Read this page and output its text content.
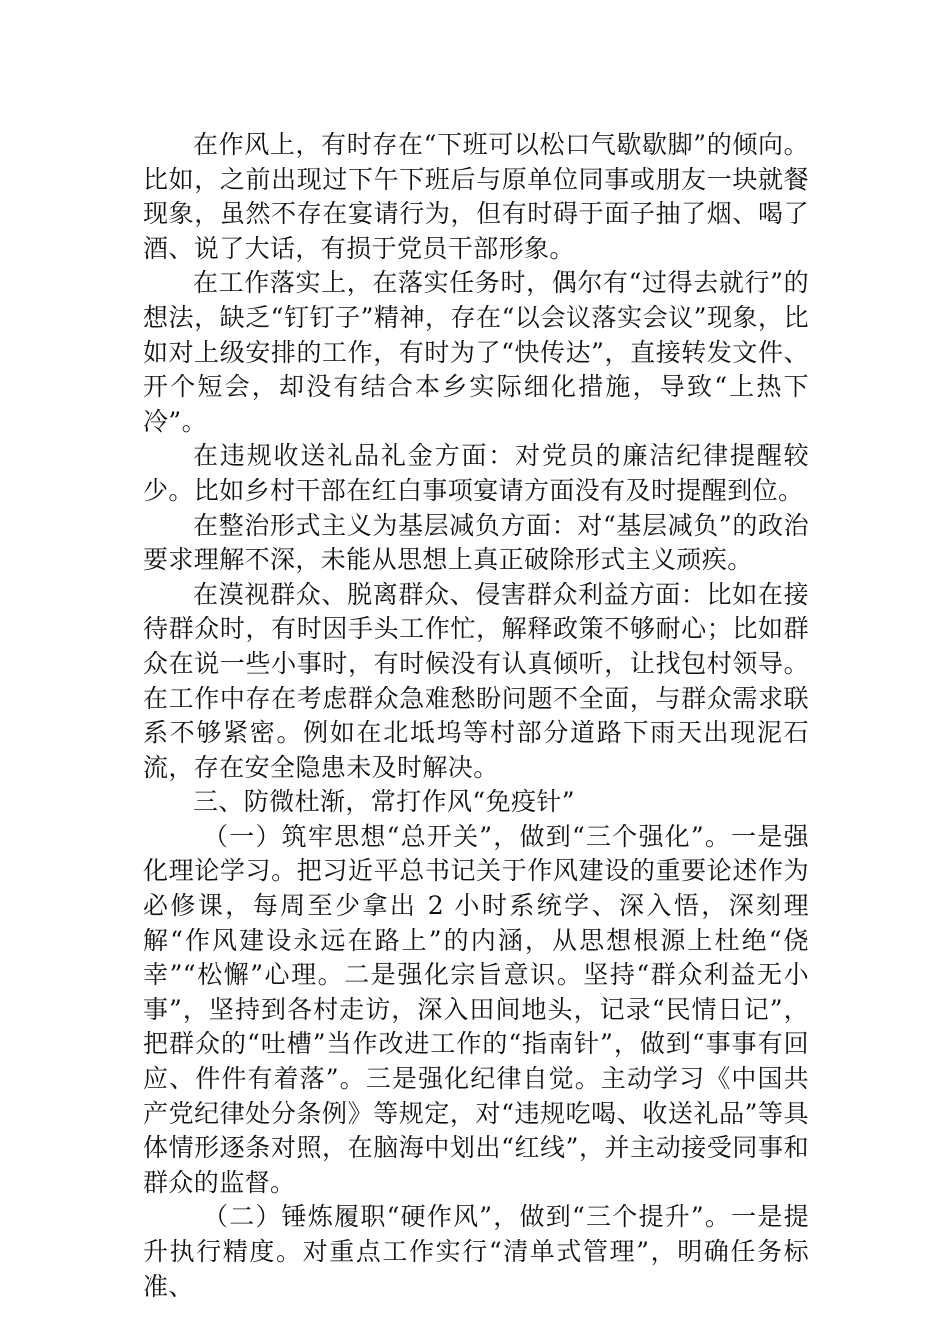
在作风上，有时存在“下班可以松口气歇歇脚”的倾向。比如，之前出现过下午下班后与原单位同事或朋友一块就餐现象，虽然不存在宴请行为，但有时碍于面子抽了烟、喝了酒、说了大话，有损于党员干部形象。

在工作落实上，在落实任务时，偶尔有“过得去就行”的想法，缺乏“钉钉子”精神，存在“以会议落实会议”现象，比如对上级安排的工作，有时为了“快传达”，直接转发文件、开个短会，却没有结合本乡实际细化措施，导致“上热下冷”。

在违规收送礼品礼金方面：对党员的廉洁纪律提醒较少。比如乡村干部在红白事项宴请方面没有及时提醒到位。

在整治形式主义为基层减负方面：对“基层减负”的政治要求理解不深，未能从思想上真正破除形式主义顽疾。

在漠视群众、脱离群众、侵害群众利益方面：比如在接待群众时，有时因手头工作忙，解释政策不够耐心；比如群众在说一些小事时，有时候没有认真倾听，让找包村领导。在工作中存在考虑群众急难愁盼问题不全面，与群众需求联系不够紧密。例如在北坻坞等村部分道路下雨天出现泥石流，存在安全隐患未及时解决。

三、防微杜渐，常打作风“免疫针”

（一）筑牢思想“总开关”，做到“三个强化”。一是强化理论学习。把习近平总书记关于作风建设的重要论述作为必修课，每周至少拿出 2 小时系统学、深入悟，深刻理解“作风建设永远在路上”的内涵，从思想根源上杜绝“侥幸”“松懈”心理。二是强化宗旨意识。坚持“群众利益无小事”，坚持到各村走访，深入田间地头，记录“民情日记”，把群众的“吐槽”当作改进工作的“指南针”，做到“事事有回应、件件有着落”。三是强化纪律自觉。主动学习《中国共产党纪律处分条例》等规定，对“违规吃喝、收送礼品”等具体情形逐条对照，在脑海中划出“红线”，并主动接受同事和群众的监督。

（二）锤炼履职“硬作风”，做到“三个提升”。一是提升执行精度。对重点工作实行“清单式管理”，明确任务标准、
